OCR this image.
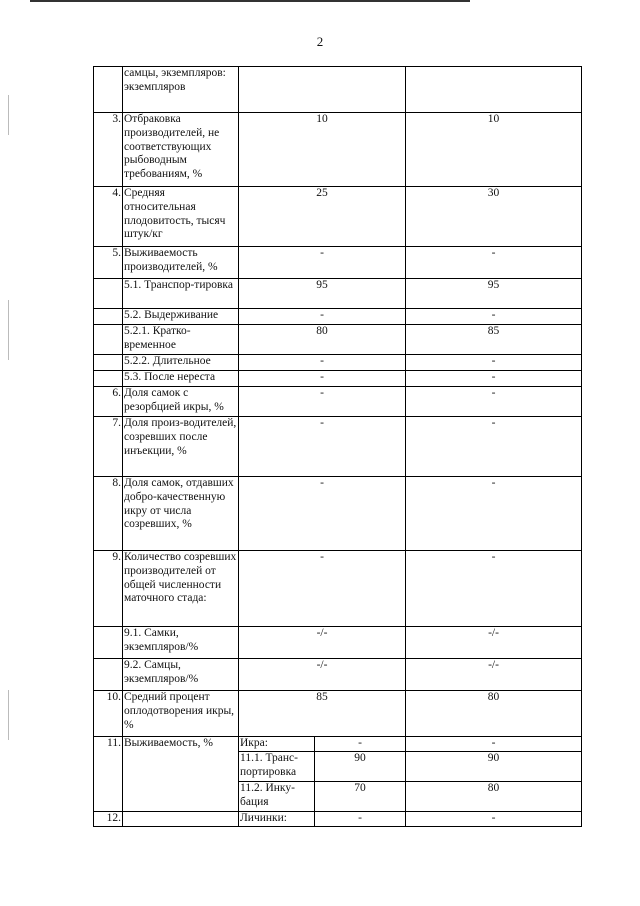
2
	самцы, экземпляров: экземпляров			
3.	Отбраковка производителей, не соответствующих рыбоводным требованиям, %	10		10
4.	Средняя относительная плодовитость, тысяч штук/кг	25		30
5.	Выживаемость производителей, %	-		-
	5.1. Транспор-тировка	95		95
	5.2. Выдерживание	-		-
	5.2.1. Кратко-временное	80		85
	5.2.2. Длительное	-		-
	5.3. После нереста	-		-
6.	Доля самок с резорбцией икры, %	-		-
7.	Доля произ-водителей, созревших после инъекции, %	-		-
8.	Доля самок, отдавших добро-качественную икру от числа созревших, %	-		-
9.	Количество созревших производителей от общей численности маточного стада:	-		-
	9.1. Самки, экземпляров/%	-/-		-/-
	9.2. Самцы, экземпляров/%	-/-		-/-
10.	Средний процент оплодотворения икры, %	85		80
11.	Выживаемость, %	Икра:	-	-
		11.1. Транс-портировка	90	90
		11.2. Инку-бация	70	80
12.		Личинки:	-	-
